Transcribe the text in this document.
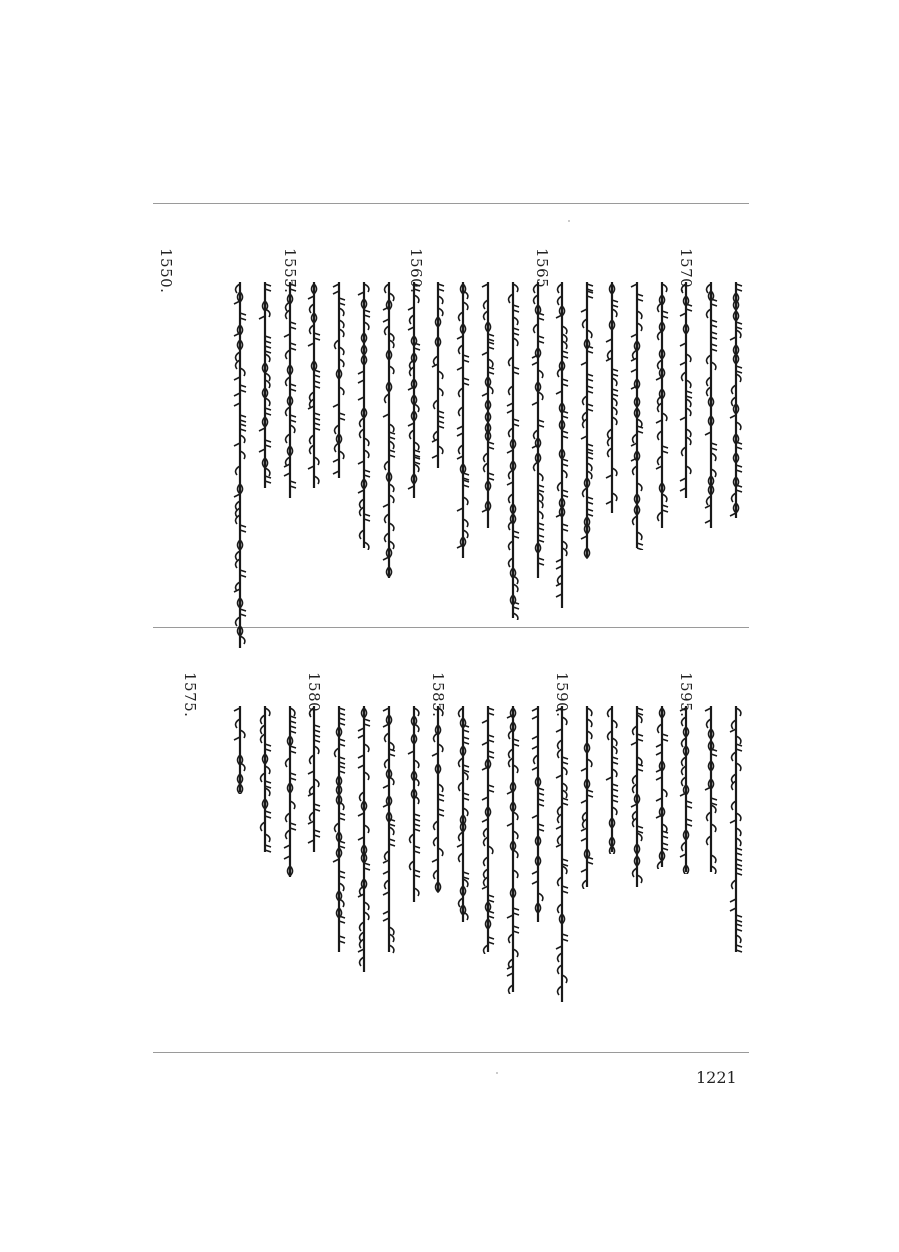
1570.
1565.
1560.
1555.
1550.
1595.
1590.
1585.
1580.
1575.
1221
